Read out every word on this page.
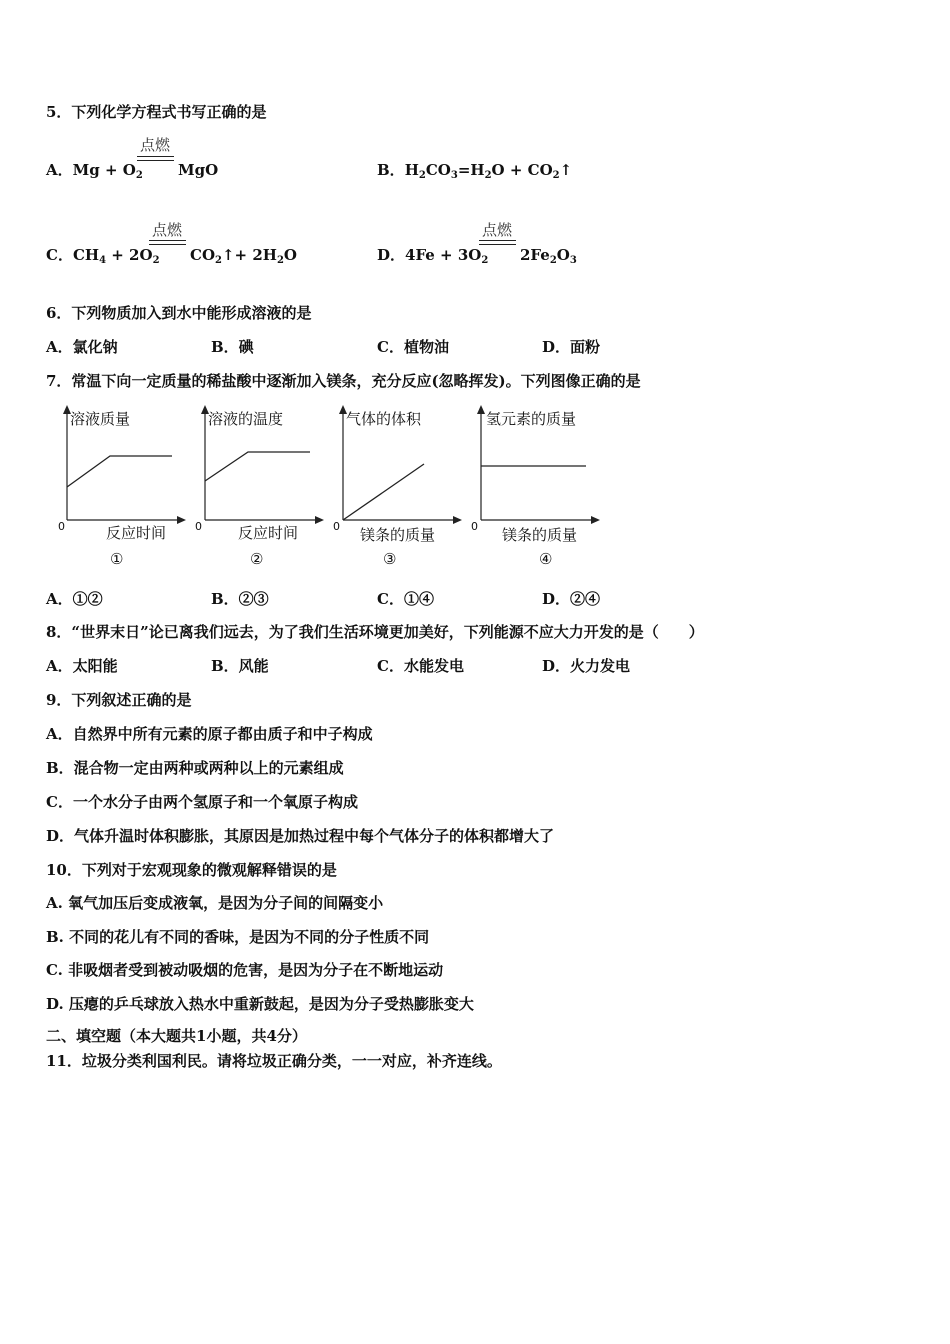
5．下列化学方程式书写正确的是
A．$Mg + O_2$
点燃
MgO	B．$H_2CO_3=H_2O$ + $CO_2↑$
C．$CH_4 + 2O_2$
点燃
$CO_2↑+ 2H_2O$	D．$4Fe + 3O_2$
点燃
$2Fe_2O_3$
6．下列物质加入到水中能形成溶液的是
A．氯化钠	B．碘	C．植物油	D．面粉
7．常温下向一定质量的稀盐酸中逐渐加入镁条，充分反应(忽略挥发)。下列图像正确的是
溶液质量
0	反应时间
①
溶液的温度
0 反应时间
②
气体的体积
0 镁条的质量
③
氢元素的质量
0 镁条的质量
④
A．①②	B．②③	C．①④	D．②④
8．“世界末日”论已离我们远去，为了我们生活环境更加美好，下列能源不应大力开发的是（　　）
A．太阳能	B．风能	C．水能发电	D．火力发电
9．下列叙述正确的是
A．自然界中所有元素的原子都由质子和中子构成
B．混合物一定由两种或两种以上的元素组成
C．一个水分子由两个氢原子和一个氧原子构成
D．气体升温时体积膨胀，其原因是加热过程中每个气体分子的体积都增大了
10．下列对于宏观现象的微观解释错误的是
A. 氧气加压后变成液氧，是因为分子间的间隔变小
B. 不同的花儿有不同的香味，是因为不同的分子性质不同
C. 非吸烟者受到被动吸烟的危害，是因为分子在不断地运动
D. 压瘪的乒乓球放入热水中重新鼓起，是因为分子受热膨胀变大
二、填空题（本大题共1小题，共4分）
11．垃圾分类利国利民。请将垃圾正确分类，一一对应，补齐连线。
